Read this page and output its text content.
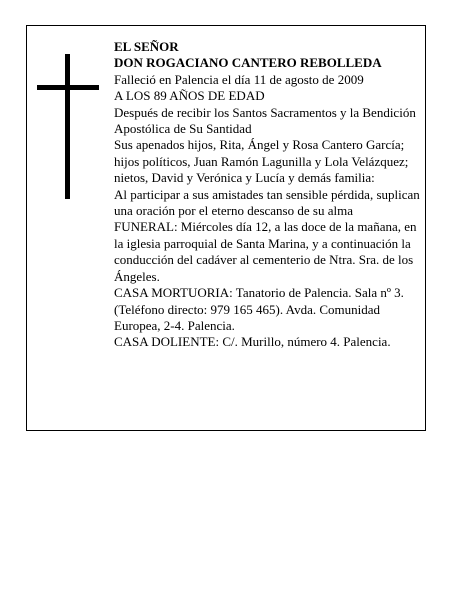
EL SEÑOR

DON ROGACIANO CANTERO REBOLLEDA

Falleció en Palencia el día 11 de agosto de 2009

A LOS 89 AÑOS DE EDAD

Después de recibir los Santos Sacramentos y la Bendición Apostólica de Su Santidad

Sus apenados hijos, Rita, Ángel y Rosa Cantero García; hijos políticos, Juan Ramón Lagunilla y Lola Velázquez; nietos, David y Verónica y Lucía y demás familia:

Al participar a sus amistades tan sensible pérdida, suplican una oración por el eterno descanso de su alma

FUNERAL: Miércoles día 12, a las doce de la mañana, en la iglesia parroquial de Santa Marina, y a continuación la conducción del cadáver al cementerio de Ntra. Sra. de los Ángeles.

CASA MORTUORIA: Tanatorio de Palencia. Sala nº 3. (Teléfono directo: 979 165 465). Avda. Comunidad Europea, 2-4. Palencia.

CASA DOLIENTE: C/. Murillo, número 4. Palencia.
